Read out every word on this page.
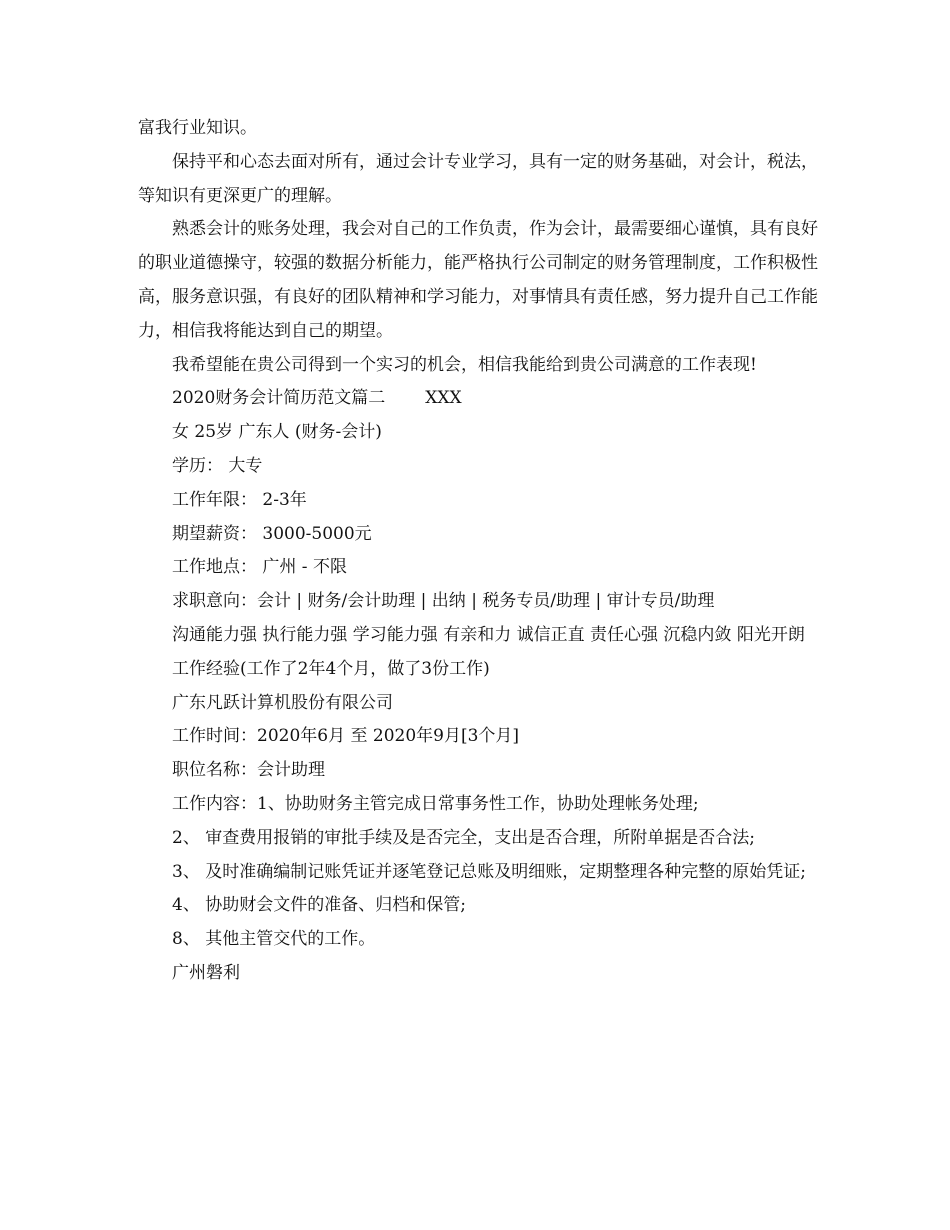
富我行业知识。

保持平和心态去面对所有，通过会计专业学习，具有一定的财务基础，对会计，税法，等知识有更深更广的理解。

熟悉会计的账务处理，我会对自己的工作负责，作为会计，最需要细心谨慎，具有良好的职业道德操守，较强的数据分析能力，能严格执行公司制定的财务管理制度，工作积极性高，服务意识强，有良好的团队精神和学习能力，对事情具有责任感，努力提升自己工作能力，相信我将能达到自己的期望。

我希望能在贵公司得到一个实习的机会，相信我能给到贵公司满意的工作表现!

2020财务会计简历范文篇二 XXX

女 25岁 广东人 (财务-会计)

学历： 大专

工作年限： 2-3年

期望薪资： 3000-5000元

工作地点： 广州 - 不限

求职意向：会计 | 财务/会计助理 | 出纳 | 税务专员/助理 | 审计专员/助理

沟通能力强 执行能力强 学习能力强 有亲和力 诚信正直 责任心强 沉稳内敛 阳光开朗

工作经验(工作了2年4个月，做了3份工作)

广东凡跃计算机股份有限公司

工作时间：2020年6月 至 2020年9月[3个月]

职位名称：会计助理

工作内容：1、协助财务主管完成日常事务性工作，协助处理帐务处理;

2、 审查费用报销的审批手续及是否完全，支出是否合理，所附单据是否合法;

3、 及时准确编制记账凭证并逐笔登记总账及明细账，定期整理各种完整的原始凭证;

4、 协助财会文件的准备、归档和保管;

8、 其他主管交代的工作。

广州磐利
